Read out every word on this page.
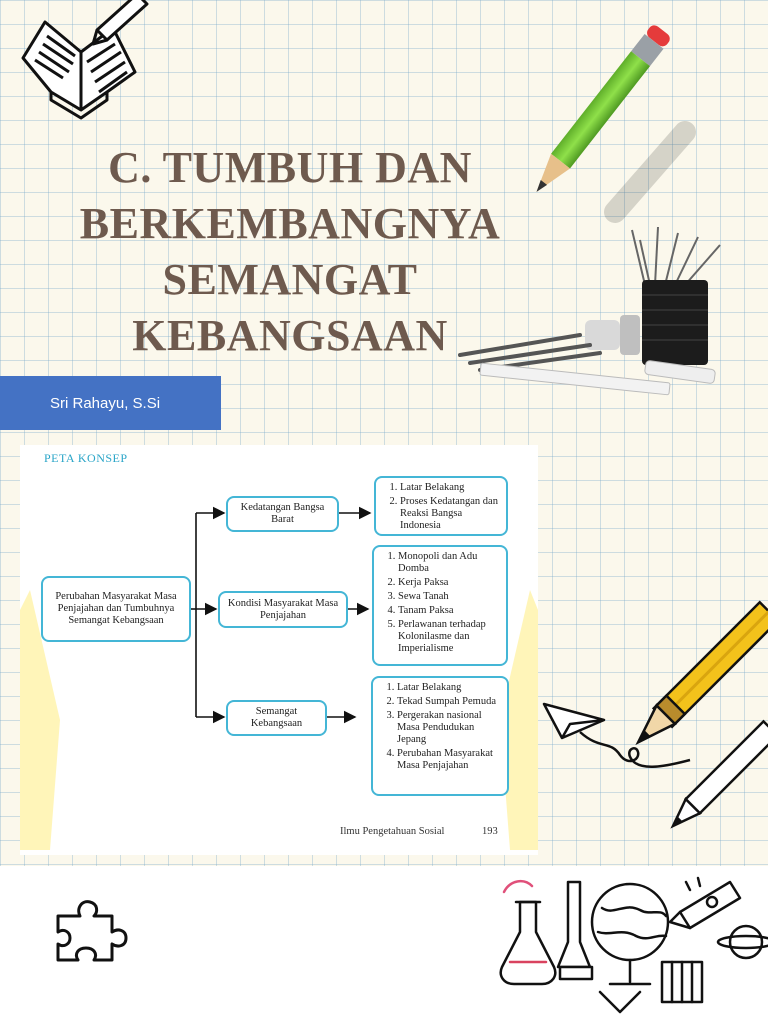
C. TUMBUH DAN
BERKEMBANGNYA
SEMANGAT
KEBANGSAAN
Sri Rahayu, S.Si
PETA KONSEP
Perubahan Masyarakat Masa Penjajahan dan Tumbuhnya Semangat Kebangsaan
Kedatangan Bangsa Barat
Kondisi Masyarakat Masa Penjajahan
Semangat Kebangsaan
1. Latar Belakang
2. Proses Kedatangan dan Reaksi Bangsa Indonesia
1. Monopoli dan Adu Domba
2. Kerja Paksa
3. Sewa Tanah
4. Tanam Paksa
5. Perlawanan terhadap Kolonilasme dan Imperialisme
1. Latar Belakang
2. Tekad Sumpah Pemuda
3. Pergerakan nasional Masa Pendudukan Jepang
4. Perubahan Masyarakat Masa Penjajahan
Ilmu Pengetahuan Sosial	193
